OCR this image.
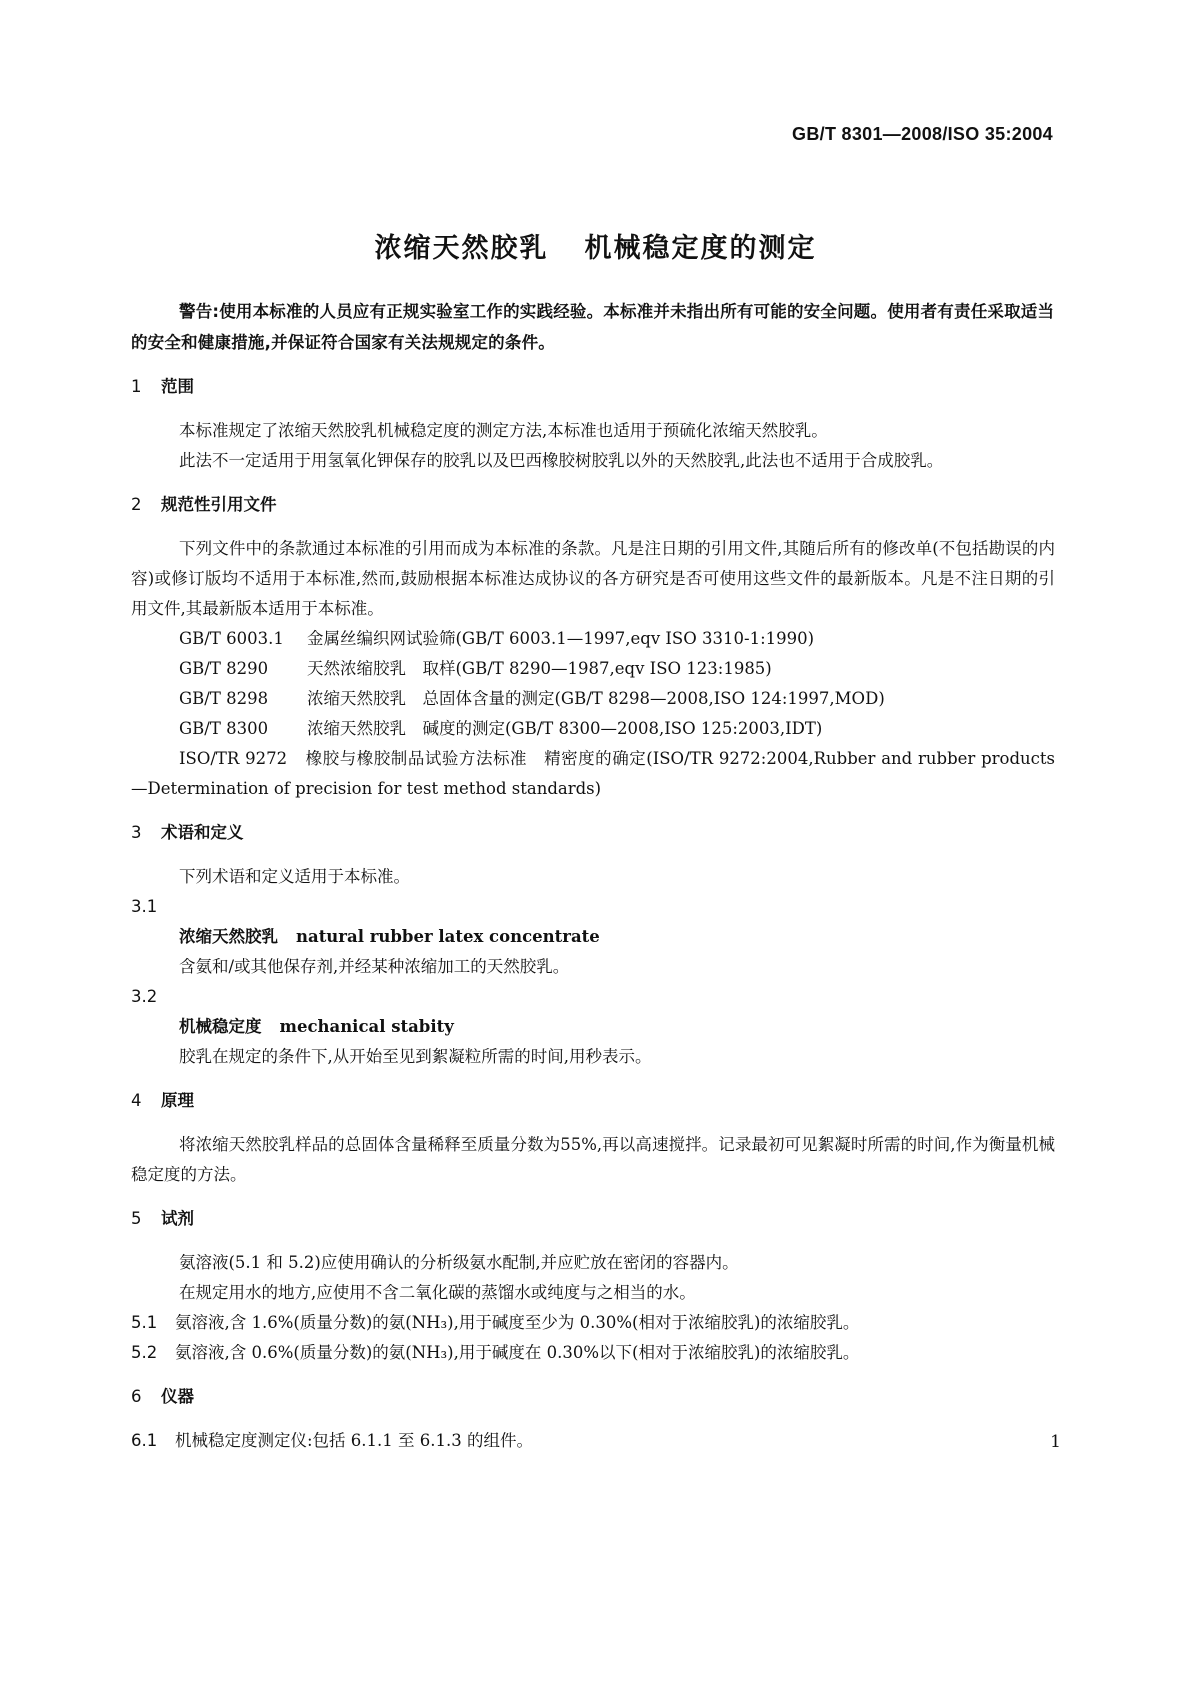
GB/T 8301—2008/ISO 35:2004
浓缩天然胶乳 机械稳定度的测定

警告:使用本标准的人员应有正规实验室工作的实践经验。本标准并未指出所有可能的安全问题。使用者有责任采取适当的安全和健康措施,并保证符合国家有关法规规定的条件。

1 范围

本标准规定了浓缩天然胶乳机械稳定度的测定方法,本标准也适用于预硫化浓缩天然胶乳。

此法不一定适用于用氢氧化钾保存的胶乳以及巴西橡胶树胶乳以外的天然胶乳,此法也不适用于合成胶乳。

2 规范性引用文件

下列文件中的条款通过本标准的引用而成为本标准的条款。凡是注日期的引用文件,其随后所有的修改单(不包括勘误的内容)或修订版均不适用于本标准,然而,鼓励根据本标准达成协议的各方研究是否可使用这些文件的最新版本。凡是不注日期的引用文件,其最新版本适用于本标准。

GB/T 6003.1 金属丝编织网试验筛(GB/T 6003.1—1997,eqv ISO 3310-1:1990)

GB/T 8290 天然浓缩胶乳　取样(GB/T 8290—1987,eqv ISO 123:1985)

GB/T 8298 浓缩天然胶乳　总固体含量的测定(GB/T 8298—2008,ISO 124:1997,MOD)

GB/T 8300 浓缩天然胶乳　碱度的测定(GB/T 8300—2008,ISO 125:2003,IDT)

ISO/TR 9272 橡胶与橡胶制品试验方法标准　精密度的确定(ISO/TR 9272:2004,Rubber and rubber products—Determination of precision for test method standards)

3 术语和定义

下列术语和定义适用于本标准。

3.1

浓缩天然胶乳 natural rubber latex concentrate

含氨和/或其他保存剂,并经某种浓缩加工的天然胶乳。

3.2

机械稳定度 mechanical stabity

胶乳在规定的条件下,从开始至见到絮凝粒所需的时间,用秒表示。

4 原理

将浓缩天然胶乳样品的总固体含量稀释至质量分数为55%,再以高速搅拌。记录最初可见絮凝时所需的时间,作为衡量机械稳定度的方法。

5 试剂

氨溶液(5.1 和 5.2)应使用确认的分析级氨水配制,并应贮放在密闭的容器内。

在规定用水的地方,应使用不含二氧化碳的蒸馏水或纯度与之相当的水。

5.1 氨溶液,含 1.6%(质量分数)的氨(NH₃),用于碱度至少为 0.30%(相对于浓缩胶乳)的浓缩胶乳。

5.2 氨溶液,含 0.6%(质量分数)的氨(NH₃),用于碱度在 0.30%以下(相对于浓缩胶乳)的浓缩胶乳。

6 仪器

6.1 机械稳定度测定仪:包括 6.1.1 至 6.1.3 的组件。	1
